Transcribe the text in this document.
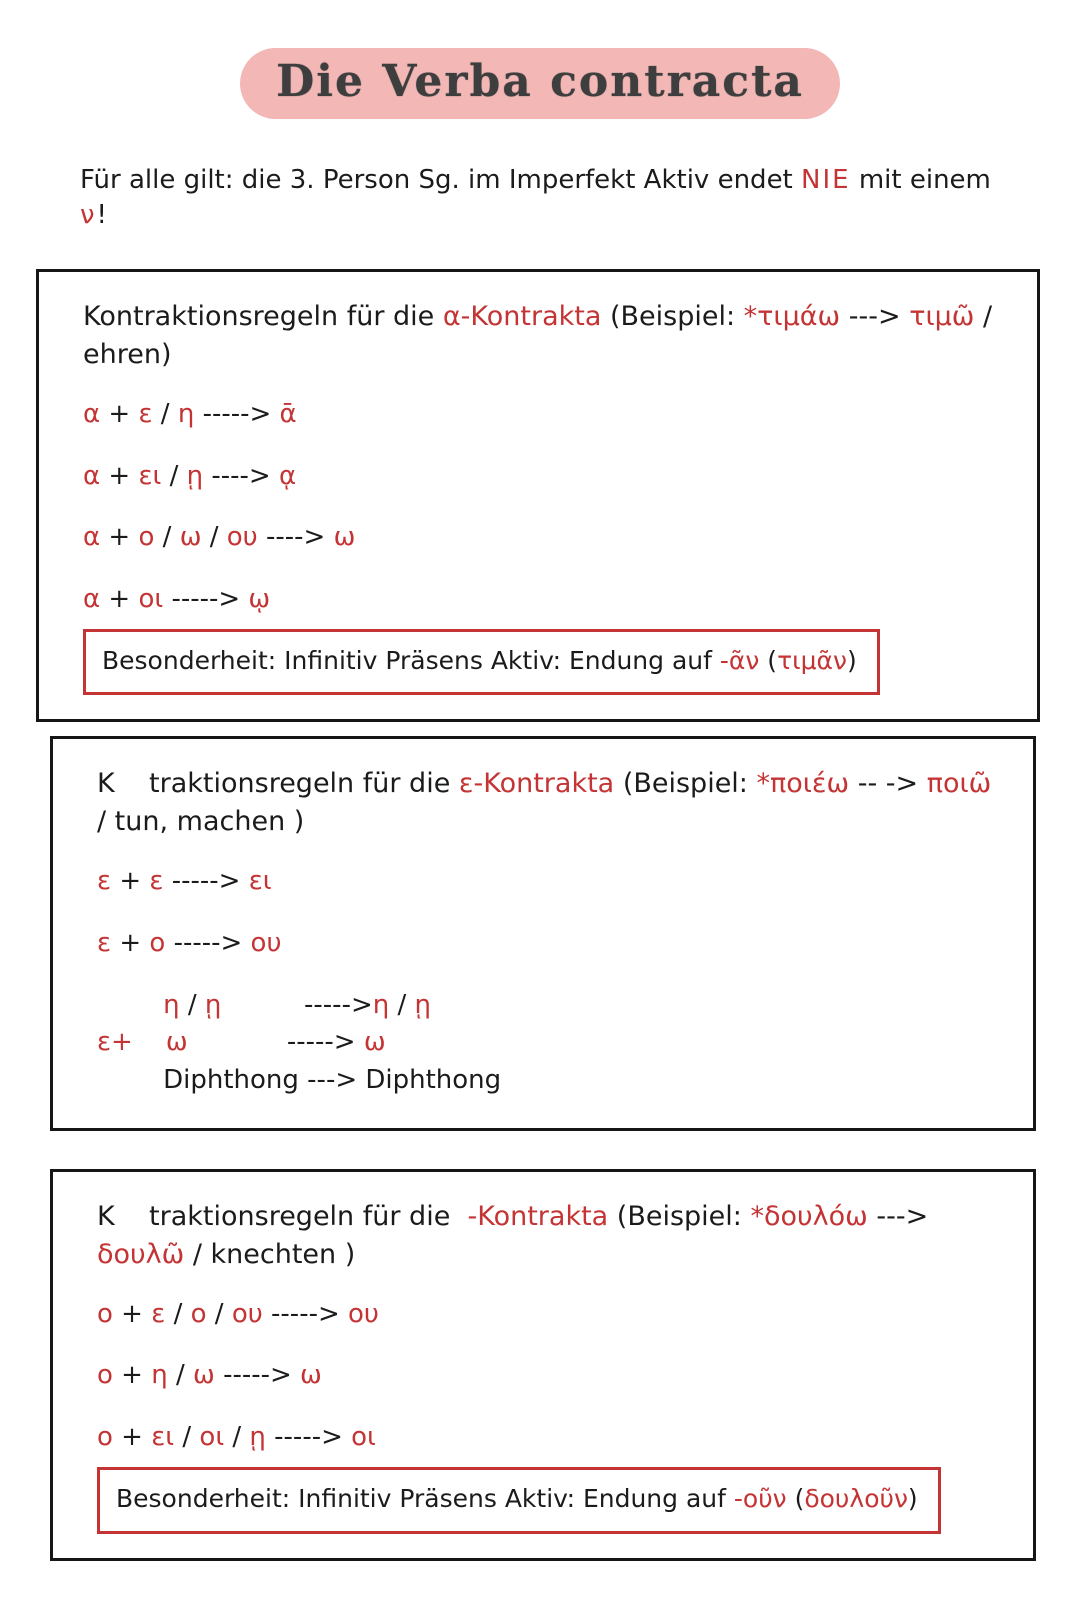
Die Verba contracta
Für alle gilt: die 3. Person Sg. im Imperfekt Aktiv endet NIE mit einem ν!
Kontraktionsregeln für die α-Kontrakta (Beispiel: *τιμάω ---> τιμῶ / ehren)
α + ε / η -----> ᾱ
α + ει / ῃ ----> ᾳ
α + ο / ω / ου ----> ω
α + οι -----> ῳ
Besonderheit: Infinitiv Präsens Aktiv: Endung auf -ᾶν (τιμᾶν)
K    traktionsregeln für die ε-Kontrakta (Beispiel: *ποιέω -- -> ποιῶ / tun, machen )
ε + ε -----> ει
ε + ο -----> ου
η / ῃ          ----->η / ῃ
ε+ ω            -----> ω
Diphthong ---> Diphthong
K    traktionsregeln für die  -Kontrakta (Beispiel: *δουλόω ---> δουλῶ / knechten )
ο + ε / ο / ου -----> ου
ο + η / ω -----> ω
ο + ει / οι / ῃ -----> οι
Besonderheit: Infinitiv Präsens Aktiv: Endung auf -οῦν (δουλοῦν)
